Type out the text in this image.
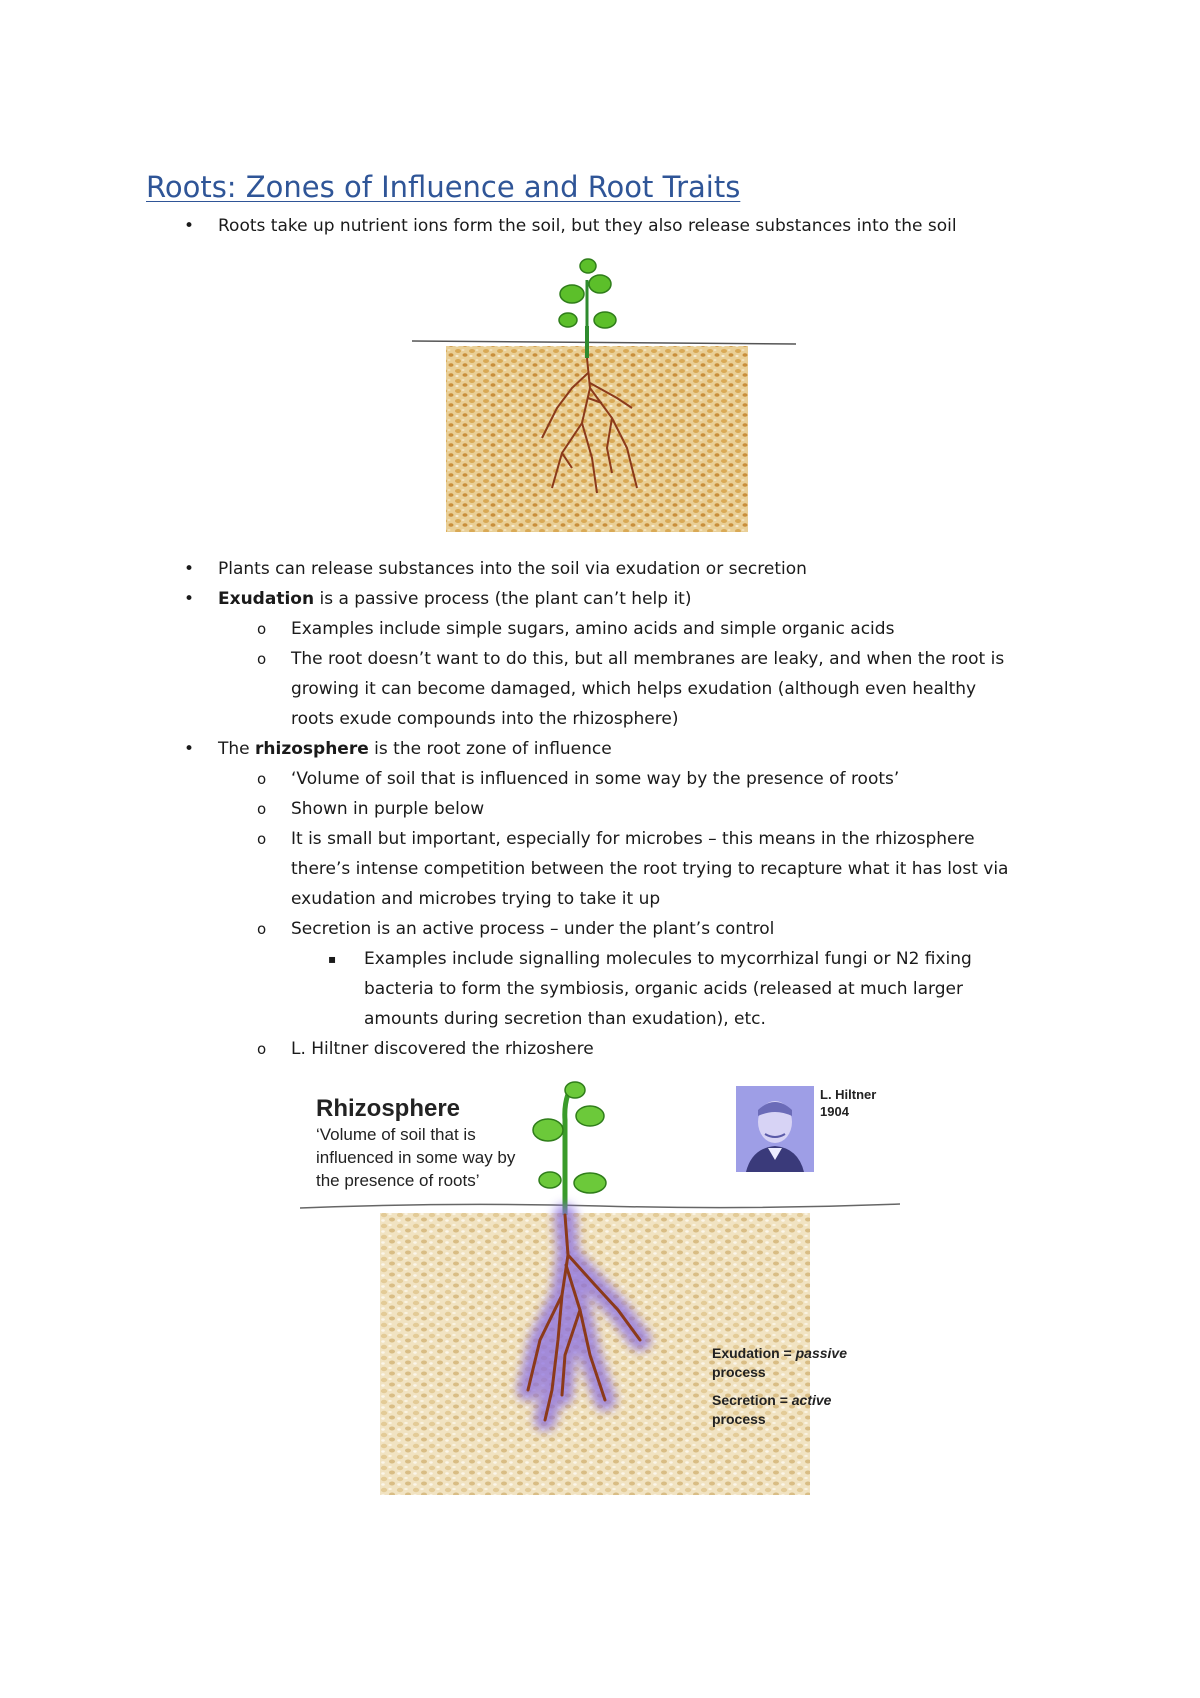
Roots: Zones of Influence and Root Traits
• Roots take up nutrient ions form the soil, but they also release substances into the soil
• Plants can release substances into the soil via exudation or secretion
• Exudation is a passive process (the plant can’t help it)
o Examples include simple sugars, amino acids and simple organic acids
o The root doesn’t want to do this, but all membranes are leaky, and when the root is
growing it can become damaged, which helps exudation (although even healthy
roots exude compounds into the rhizosphere)
• The rhizosphere is the root zone of influence
o ‘Volume of soil that is influenced in some way by the presence of roots’
o Shown in purple below
o It is small but important, especially for microbes – this means in the rhizosphere
there’s intense competition between the root trying to recapture what it has lost via
exudation and microbes trying to take it up
o Secretion is an active process – under the plant’s control
▪ Examples include signalling molecules to mycorrhizal fungi or N2 fixing
bacteria to form the symbiosis, organic acids (released at much larger
amounts during secretion than exudation), etc.
o L. Hiltner discovered the rhizoshere
Rhizosphere
‘Volume of soil that is
influenced in some way by
the presence of roots’
L. Hiltner
1904
Exudation = passive
process
Secretion = active
process
